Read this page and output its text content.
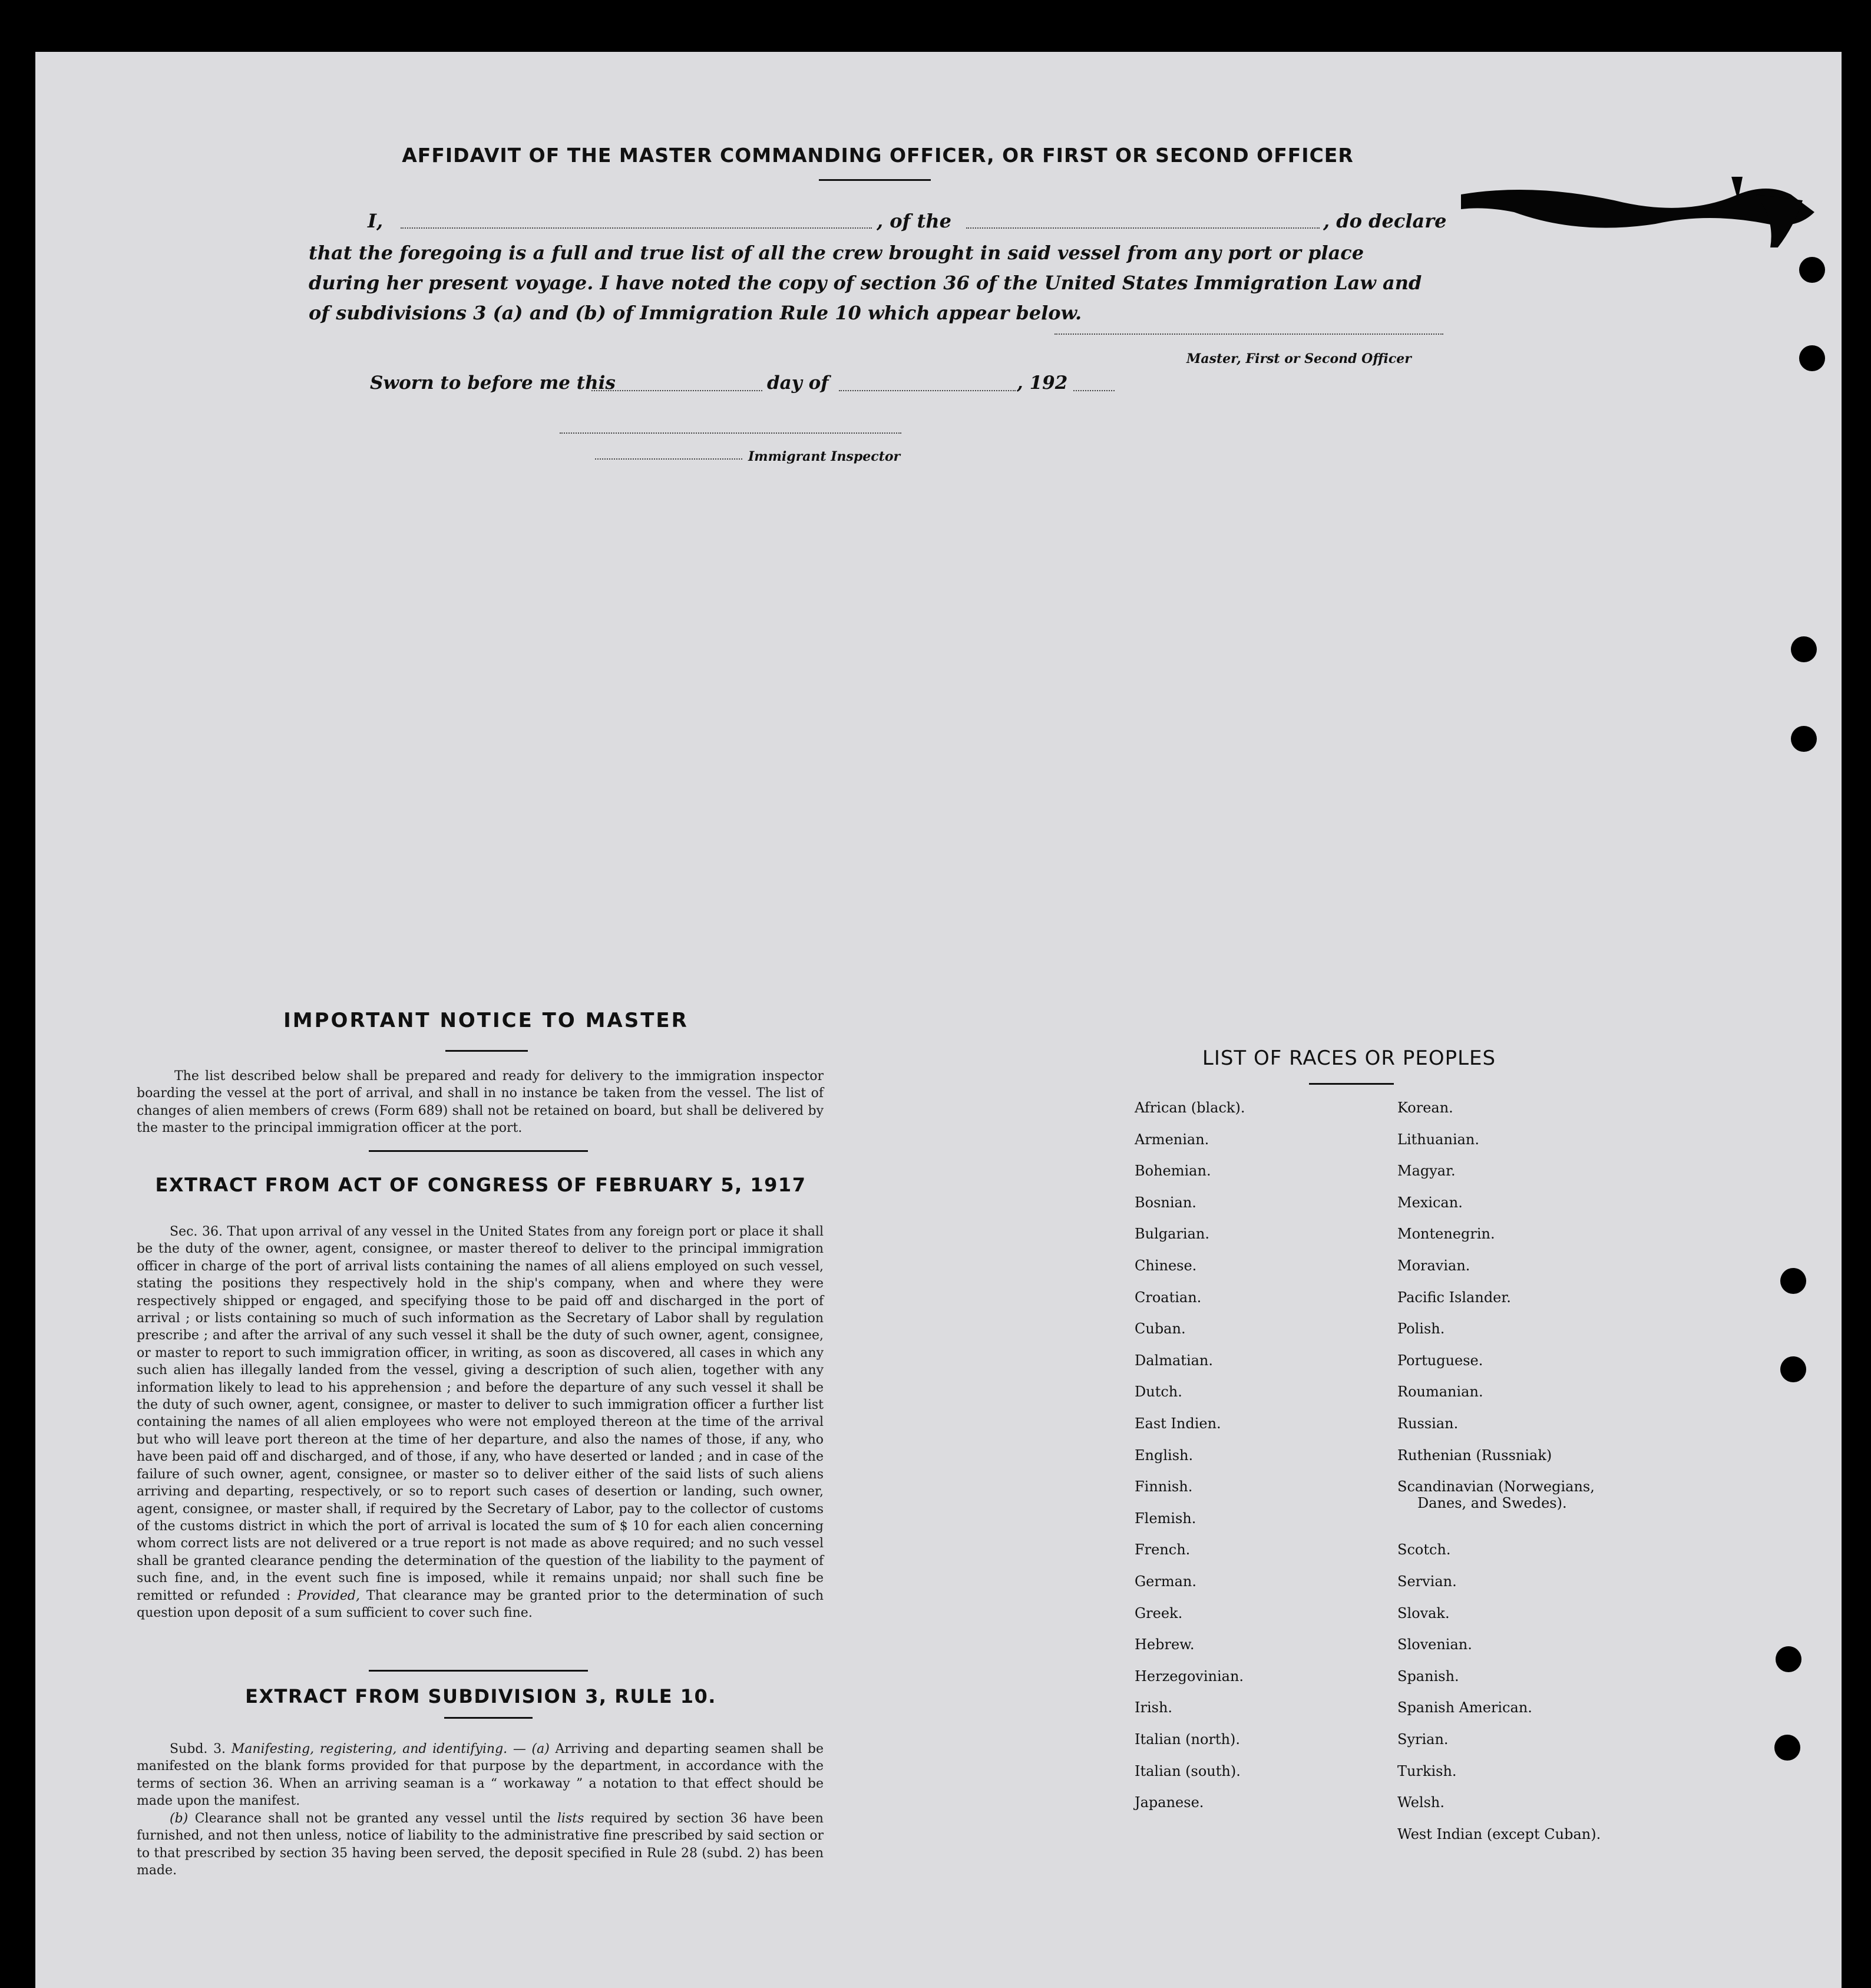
AFFIDAVIT OF THE MASTER COMMANDING OFFICER, OR FIRST OR SECOND OFFICER
I,	, of the	, do declare
that the foregoing is a full and true list of all the crew brought in said vessel from any port or place during her present voyage. I have noted the copy of section 36 of the United States Immigration Law and of subdivisions 3 (a) and (b) of Immigration Rule 10 which appear below.
Master, First or Second Officer
Sworn to before me this	day of	, 192
Immigrant Inspector
IMPORTANT NOTICE TO MASTER
The list described below shall be prepared and ready for delivery to the immigration inspector boarding the vessel at the port of arrival, and shall in no instance be taken from the vessel. The list of changes of alien members of crews (Form 689) shall not be retained on board, but shall be delivered by the master to the principal immigration officer at the port.
EXTRACT FROM ACT OF CONGRESS OF FEBRUARY 5, 1917
Sec. 36. That upon arrival of any vessel in the United States from any foreign port or place it shall be the duty of the owner, agent, consignee, or master thereof to deliver to the principal immigration officer in charge of the port of arrival lists containing the names of all aliens employed on such vessel, stating the positions they respectively hold in the ship's company, when and where they were respectively shipped or engaged, and specifying those to be paid off and discharged in the port of arrival ; or lists containing so much of such information as the Secretary of Labor shall by regulation prescribe ; and after the arrival of any such vessel it shall be the duty of such owner, agent, consignee, or master to report to such immigration officer, in writing, as soon as discovered, all cases in which any such alien has illegally landed from the vessel, giving a description of such alien, together with any information likely to lead to his apprehension ; and before the departure of any such vessel it shall be the duty of such owner, agent, consignee, or master to deliver to such immigration officer a further list containing the names of all alien employees who were not employed thereon at the time of the arrival but who will leave port thereon at the time of her departure, and also the names of those, if any, who have been paid off and discharged, and of those, if any, who have deserted or landed ; and in case of the failure of such owner, agent, consignee, or master so to deliver either of the said lists of such aliens arriving and departing, respectively, or so to report such cases of desertion or landing, such owner, agent, consignee, or master shall, if required by the Secretary of Labor, pay to the collector of customs of the customs district in which the port of arrival is located the sum of $ 10 for each alien concerning whom correct lists are not delivered or a true report is not made as above required; and no such vessel shall be granted clearance pending the determination of the question of the liability to the payment of such fine, and, in the event such fine is imposed, while it remains unpaid; nor shall such fine be remitted or refunded : Provided, That clearance may be granted prior to the determination of such question upon deposit of a sum sufficient to cover such fine.
EXTRACT FROM SUBDIVISION 3, RULE 10.
Subd. 3. Manifesting, registering, and identifying. — (a) Arriving and departing seamen shall be manifested on the blank forms provided for that purpose by the department, in accordance with the terms of section 36. When an arriving seaman is a “ workaway ” a notation to that effect should be made upon the manifest.
(b) Clearance shall not be granted any vessel until the lists required by section 36 have been furnished, and not then unless, notice of liability to the administrative fine prescribed by said section or to that prescribed by section 35 having been served, the deposit specified in Rule 28 (subd. 2) has been made.
LIST OF RACES OR PEOPLES
African (black).
Armenian.
Bohemian.
Bosnian.
Bulgarian.
Chinese.
Croatian.
Cuban.
Dalmatian.
Dutch.
East Indien.
English.
Finnish.
Flemish.
French.
German.
Greek.
Hebrew.
Herzegovinian.
Irish.
Italian (north).
Italian (south).
Japanese.
Korean.
Lithuanian.
Magyar.
Mexican.
Montenegrin.
Moravian.
Pacific Islander.
Polish.
Portuguese.
Roumanian.
Russian.
Ruthenian (Russniak)
Scandinavian (Norwegians,
Danes, and Swedes).
Scotch.
Servian.
Slovak.
Slovenian.
Spanish.
Spanish American.
Syrian.
Turkish.
Welsh.
West Indian (except Cuban).
